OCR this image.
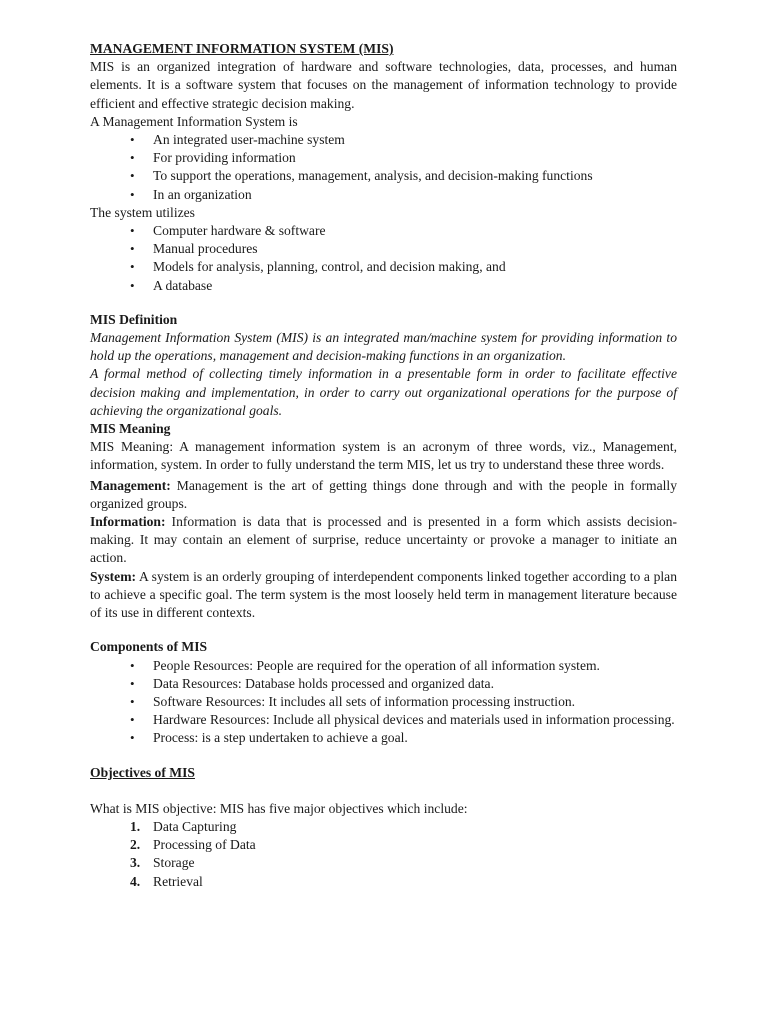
MANAGEMENT INFORMATION SYSTEM (MIS)

MIS is an organized integration of hardware and software technologies, data, processes, and human elements. It is a software system that focuses on the management of information technology to provide efficient and effective strategic decision making.

A Management Information System is

• An integrated user-machine system
• For providing information
• To support the operations, management, analysis, and decision-making functions
• In an organization

The system utilizes

• Computer hardware & software
• Manual procedures
• Models for analysis, planning, control, and decision making, and
• A database

MIS Definition

Management Information System (MIS) is an integrated man/machine system for providing information to hold up the operations, management and decision-making functions in an organization.

A formal method of collecting timely information in a presentable form in order to facilitate effective decision making and implementation, in order to carry out organizational operations for the purpose of achieving the organizational goals.

MIS Meaning

MIS Meaning: A management information system is an acronym of three words, viz., Management, information, system. In order to fully understand the term MIS, let us try to understand these three words.

Management: Management is the art of getting things done through and with the people in formally organized groups.

Information: Information is data that is processed and is presented in a form which assists decision-making. It may contain an element of surprise, reduce uncertainty or provoke a manager to initiate an action.

System: A system is an orderly grouping of interdependent components linked together according to a plan to achieve a specific goal. The term system is the most loosely held term in management literature because of its use in different contexts.

Components of MIS

• People Resources: People are required for the operation of all information system.
• Data Resources: Database holds processed and organized data.
• Software Resources: It includes all sets of information processing instruction.
• Hardware Resources: Include all physical devices and materials used in information processing.
• Process: is a step undertaken to achieve a goal.

Objectives of MIS

What is MIS objective: MIS has five major objectives which include:

1. Data Capturing
2. Processing of Data
3. Storage
4. Retrieval
